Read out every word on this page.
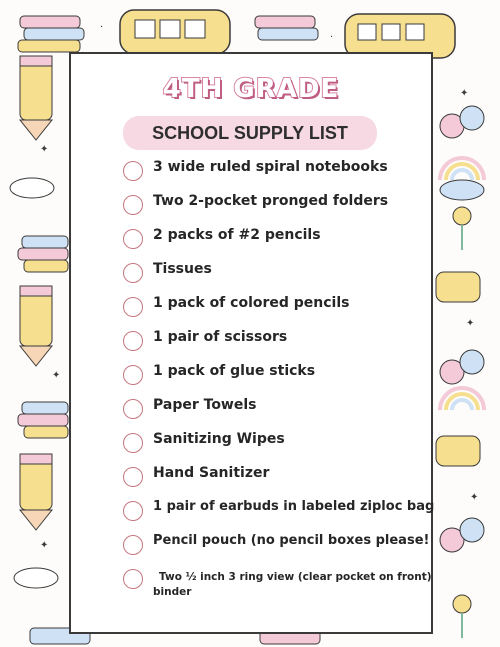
✦
✦
✦
✦
✦
✦
·
·
4TH GRADE
SCHOOL SUPPLY LIST
3 wide ruled spiral notebooks
Two 2-pocket pronged folders
2 packs of #2 pencils
Tissues
1 pack of colored pencils
1 pair of scissors
1 pack of glue sticks
Paper Towels
Sanitizing Wipes
Hand Sanitizer
1 pair of earbuds in labeled ziploc bag
Pencil pouch (no pencil boxes please!
Two ½ inch 3 ring view (clear pocket on front)
binder
